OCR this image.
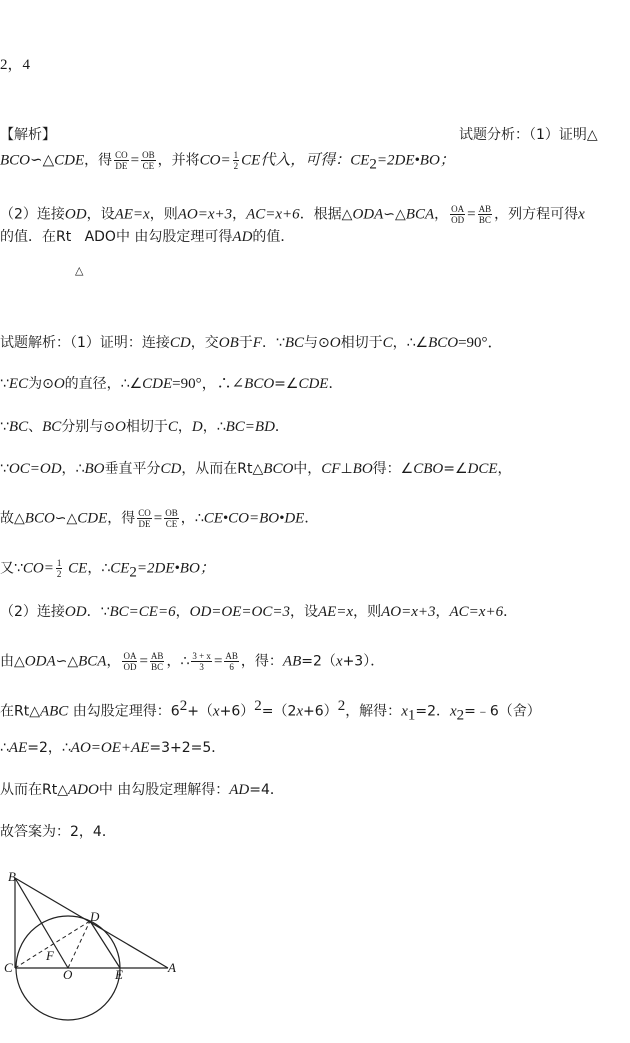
2，4
【解析】	试题分析：（1）证明△
BCO∽△CDE，得 $\frac{CO}{DE} = \frac{OB}{CE}$ ，并将$CO= \frac{1}{2}$ CE代入，可得：$CE_2=2DE•BO$；
（2）连接OD，设AE=x，则AO=x+3，AC=x+6．根据△ODA∽△BCA， $\frac{OA}{OD} = \frac{AB}{BC}$ ，列方程可得x
的值．在Rt ADO中 由勾股定理可得AD的值．
△
试题解析：（1）证明：连接CD，交OB于F．∵BC与⊙O相切于C，∴∠BCO=90°．
∵EC为⊙O的直径，∴∠CDE=90°，∴∠BCO=∠CDE．
∵BC、BC分别与⊙O相切于C，D，∴BC=BD．
∵OC=OD，∴BO垂直平分CD，从而在Rt△BCO中，CF⊥BO得：∠CBO=∠DCE，
故△BCO∽△CDE，得 $\frac{CO}{DE} = \frac{OB}{CE}$ ，∴CE•CO=BO•DE．
又∵CO= $\frac{1}{2}$ CE，$\therefore CE_2=2DE•BO$；
（2）连接OD．∵BC=CE=6，OD=OE=OC=3，设AE=x，则AO=x+3，AC=x+6．
由△ODA∽△BCA， $\frac{OA}{OD} = \frac{AB}{BC}$ ，∴ $\frac{3 + x}{3} = \frac{AB}{6}$ ，得：AB=2（x+3）．
在Rt△ABC 由勾股定理得：$6^2+(x+6)^2=(2x+6)^2$，解得：$x_1=2$．$x_2=﹣6$（舍）
∴AE=2，∴AO=OE+AE=3+2=5．
从而在Rt△ADO中 由勾股定理解得：AD=4．
故答案为：2，4．
B
C
D
F
O	E	A
